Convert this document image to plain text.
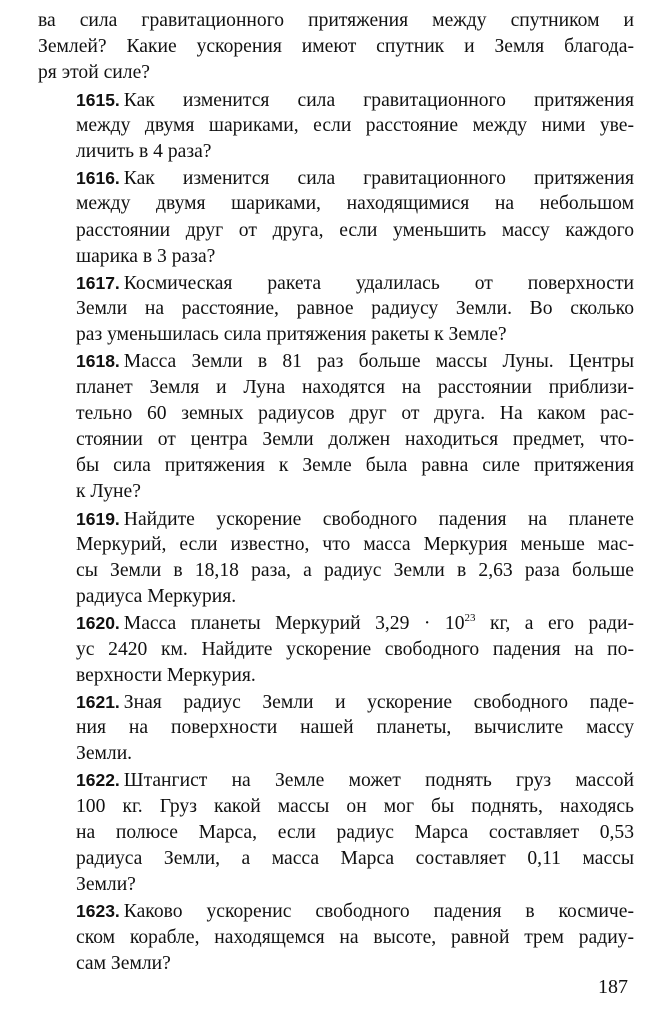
ва сила гравитационного притяжения между спутником и
Землей? Какие ускорения имеют спутник и Земля благода-
ря этой силе?

1615. Как изменится сила гравитационного притяжения
между двумя шариками, если расстояние между ними уве-
личить в 4 раза?

1616. Как изменится сила гравитационного притяжения
между двумя шариками, находящимися на небольшом
расстоянии друг от друга, если уменьшить массу каждого
шарика в 3 раза?

1617. Космическая ракета удалилась от поверхности
Земли на расстояние, равное радиусу Земли. Во сколько
раз уменьшилась сила притяжения ракеты к Земле?

1618. Масса Земли в 81 раз больше массы Луны. Центры
планет Земля и Луна находятся на расстоянии приблизи-
тельно 60 земных радиусов друг от друга. На каком рас-
стоянии от центра Земли должен находиться предмет, что-
бы сила притяжения к Земле была равна силе притяжения
к Луне?

1619. Найдите ускорение свободного падения на планете
Меркурий, если известно, что масса Меркурия меньше мас-
сы Земли в 18,18 раза, а радиус Земли в 2,63 раза больше
радиуса Меркурия.

1620. Масса планеты Меркурий $3,29 \cdot 10^{23}$ кг, а его ради-
ус 2420 км. Найдите ускорение свободного падения на по-
верхности Меркурия.

1621. Зная радиус Земли и ускорение свободного паде-
ния на поверхности нашей планеты, вычислите массу
Земли.

1622. Штангист на Земле может поднять груз массой
100 кг. Груз какой массы он мог бы поднять, находясь
на полюсе Марса, если радиус Марса составляет 0,53
радиуса Земли, а масса Марса составляет 0,11 массы
Земли?

1623. Каково ускоренис свободного падения в космиче-
ском корабле, находящемся на высоте, равной трем радиу-
сам Земли?

187
